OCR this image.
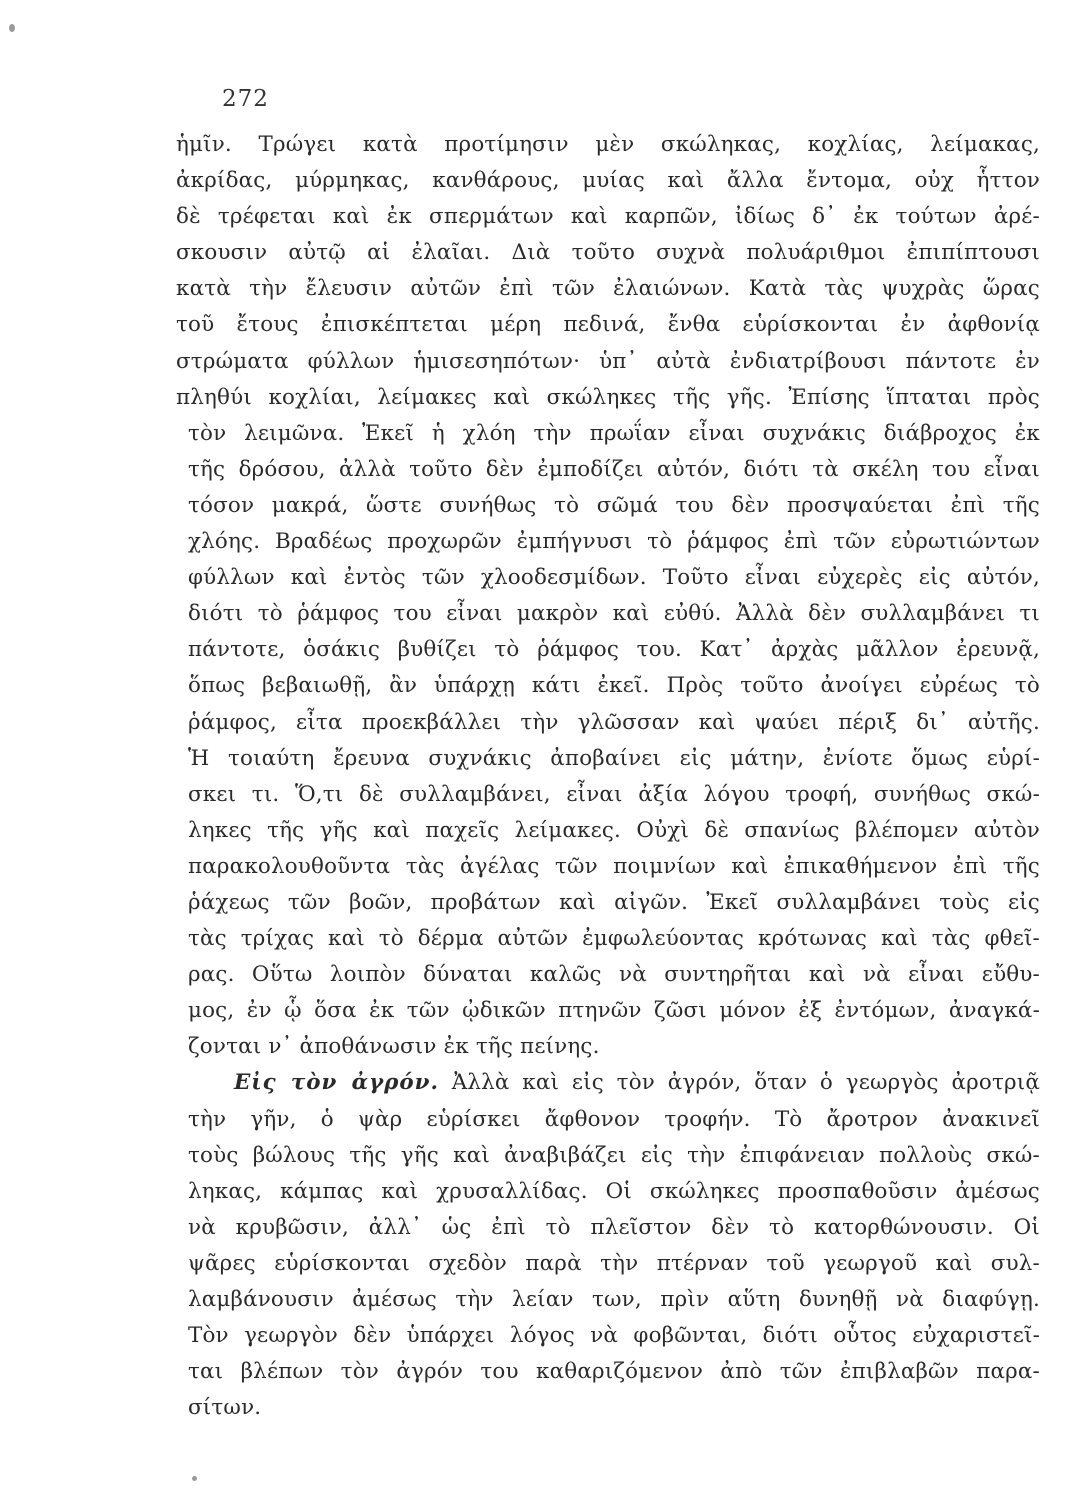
272
ἡμῖν. Τρώγει κατὰ προτίμησιν μὲν σκώληκας, κοχλίας, λείμακας,
ἀκρίδας, μύρμηκας, κανθάρους, μυίας καὶ ἄλλα ἔντομα, οὐχ ἧττον
δὲ τρέφεται καὶ ἐκ σπερμάτων καὶ καρπῶν, ἰδίως δ᾿ ἐκ τούτων ἀρέ-
σκουσιν αὐτῷ αἱ ἐλαῖαι. Διὰ τοῦτο συχνὰ πολυάριθμοι ἐπιπίπτουσι
κατὰ τὴν ἔλευσιν αὐτῶν ἐπὶ τῶν ἐλαιώνων. Κατὰ τὰς ψυχρὰς ὥρας
τοῦ ἔτους ἐπισκέπτεται μέρη πεδινά, ἔνθα εὑρίσκονται ἐν ἀφθονίᾳ
στρώματα φύλλων ἡμισεσηπότων· ὑπ᾿ αὐτὰ ἐνδιατρίβουσι πάντοτε ἐν
πληθύι κοχλίαι, λείμακες καὶ σκώληκες τῆς γῆς. Ἐπίσης ἵπταται πρὸς
τὸν λειμῶνα. Ἐκεῖ ἡ χλόη τὴν πρωΐαν εἶναι συχνάκις διάβροχος ἐκ
τῆς δρόσου, ἀλλὰ τοῦτο δὲν ἐμποδίζει αὐτόν, διότι τὰ σκέλη του εἶναι
τόσον μακρά, ὥστε συνήθως τὸ σῶμά του δὲν προσψαύεται ἐπὶ τῆς
χλόης. Βραδέως προχωρῶν ἐμπήγνυσι τὸ ῥάμφος ἐπὶ τῶν εὐρωτιώντων
φύλλων καὶ ἐντὸς τῶν χλοοδεσμίδων. Τοῦτο εἶναι εὐχερὲς εἰς αὐτόν,
διότι τὸ ῥάμφος του εἶναι μακρὸν καὶ εὐθύ. Ἀλλὰ δὲν συλλαμβάνει τι
πάντοτε, ὁσάκις βυθίζει τὸ ῥάμφος του. Κατ᾿ ἀρχὰς μᾶλλον ἐρευνᾷ,
ὅπως βεβαιωθῇ, ἂν ὑπάρχῃ κάτι ἐκεῖ. Πρὸς τοῦτο ἀνοίγει εὐρέως τὸ
ῥάμφος, εἶτα προεκβάλλει τὴν γλῶσσαν καὶ ψαύει πέριξ δι᾿ αὐτῆς.
Ἡ τοιαύτη ἔρευνα συχνάκις ἀποβαίνει εἰς μάτην, ἐνίοτε ὅμως εὑρί-
σκει τι. Ὅ,τι δὲ συλλαμβάνει, εἶναι ἀξία λόγου τροφή, συνήθως σκώ-
ληκες τῆς γῆς καὶ παχεῖς λείμακες. Οὐχὶ δὲ σπανίως βλέπομεν αὐτὸν
παρακολουθοῦντα τὰς ἀγέλας τῶν ποιμνίων καὶ ἐπικαθήμενον ἐπὶ τῆς
ῥάχεως τῶν βοῶν, προβάτων καὶ αἰγῶν. Ἐκεῖ συλλαμβάνει τοὺς εἰς
τὰς τρίχας καὶ τὸ δέρμα αὐτῶν ἐμφωλεύοντας κρότωνας καὶ τὰς φθεῖ-
ρας. Οὕτω λοιπὸν δύναται καλῶς νὰ συντηρῆται καὶ νὰ εἶναι εὔθυ-
μος, ἐν ᾧ ὅσα ἐκ τῶν ᾠδικῶν πτηνῶν ζῶσι μόνον ἐξ ἐντόμων, ἀναγκά-
ζονται ν᾿ ἀποθάνωσιν ἐκ τῆς πείνης.
Εἰς τὸν ἀγρόν. Ἀλλὰ καὶ εἰς τὸν ἀγρόν, ὅταν ὁ γεωργὸς ἀροτριᾷ
τὴν γῆν, ὁ ψὰρ εὑρίσκει ἄφθονον τροφήν. Τὸ ἄροτρον ἀνακινεῖ
τοὺς βώλους τῆς γῆς καὶ ἀναβιβάζει εἰς τὴν ἐπιφάνειαν πολλοὺς σκώ-
ληκας, κάμπας καὶ χρυσαλλίδας. Οἱ σκώληκες προσπαθοῦσιν ἀμέσως
νὰ κρυβῶσιν, ἀλλ᾿ ὡς ἐπὶ τὸ πλεῖστον δὲν τὸ κατορθώνουσιν. Οἱ
ψᾶρες εὑρίσκονται σχεδὸν παρὰ τὴν πτέρναν τοῦ γεωργοῦ καὶ συλ-
λαμβάνουσιν ἀμέσως τὴν λείαν των, πρὶν αὕτη δυνηθῇ νὰ διαφύγῃ.
Τὸν γεωργὸν δὲν ὑπάρχει λόγος νὰ φοβῶνται, διότι οὗτος εὐχαριστεῖ-
ται βλέπων τὸν ἀγρόν του καθαριζόμενον ἀπὸ τῶν ἐπιβλαβῶν παρα-
σίτων.
